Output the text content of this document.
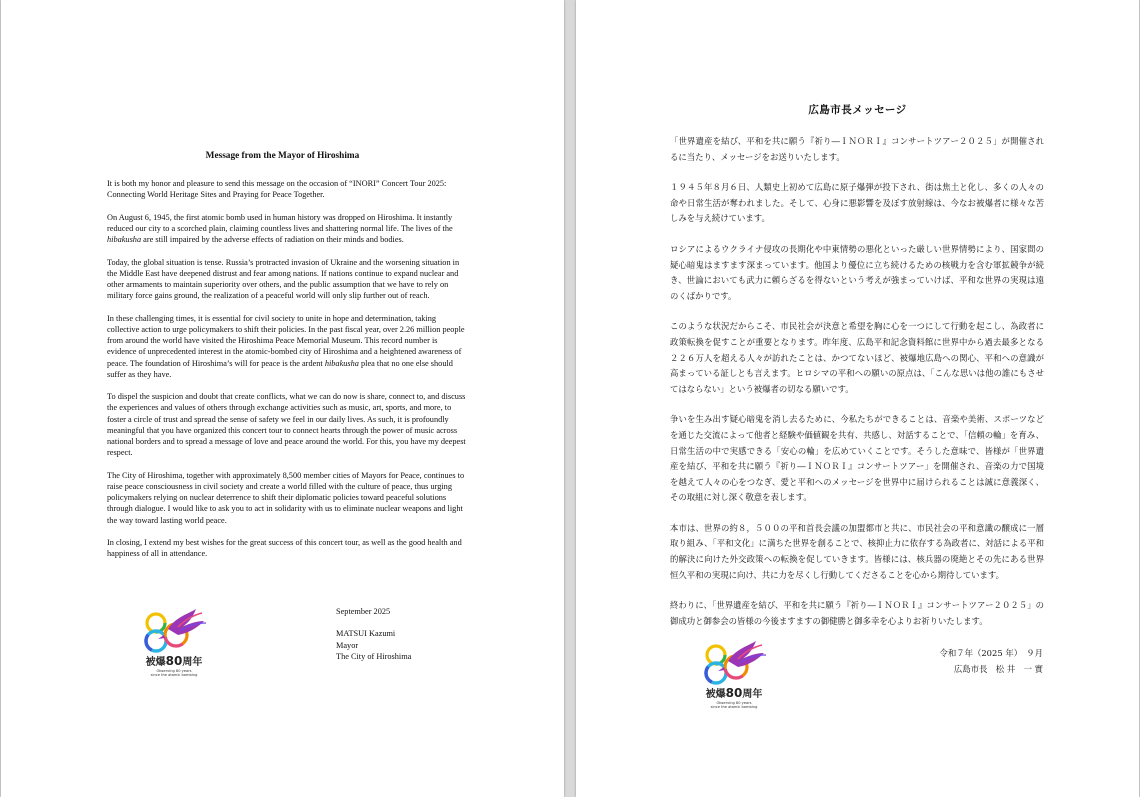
Message from the Mayor of Hiroshima

It is both my honor and pleasure to send this message on the occasion of “INORI” Concert Tour 2025: Connecting World Heritage Sites and Praying for Peace Together.

On August 6, 1945, the first atomic bomb used in human history was dropped on Hiroshima. It instantly reduced our city to a scorched plain, claiming countless lives and shattering normal life. The lives of the hibakusha are still impaired by the adverse effects of radiation on their minds and bodies.

Today, the global situation is tense. Russia’s protracted invasion of Ukraine and the worsening situation in the Middle East have deepened distrust and fear among nations. If nations continue to expand nuclear and other armaments to maintain superiority over others, and the public assumption that we have to rely on military force gains ground, the realization of a peaceful world will only slip further out of reach.

In these challenging times, it is essential for civil society to unite in hope and determination, taking collective action to urge policymakers to shift their policies. In the past fiscal year, over 2.26 million people from around the world have visited the Hiroshima Peace Memorial Museum. This record number is evidence of unprecedented interest in the atomic-bombed city of Hiroshima and a heightened awareness of peace. The foundation of Hiroshima’s will for peace is the ardent hibakusha plea that no one else should suffer as they have.

To dispel the suspicion and doubt that create conflicts, what we can do now is share, connect to, and discuss the experiences and values of others through exchange activities such as music, art, sports, and more, to foster a circle of trust and spread the sense of safety we feel in our daily lives. As such, it is profoundly meaningful that you have organized this concert tour to connect hearts through the power of music across national borders and to spread a message of love and peace around the world. For this, you have my deepest respect.

The City of Hiroshima, together with approximately 8,500 member cities of Mayors for Peace, continues to raise peace consciousness in civil society and create a world filled with the culture of peace, thus urging policymakers relying on nuclear deterrence to shift their diplomatic policies toward peaceful solutions through dialogue. I would like to ask you to act in solidarity with us to eliminate nuclear weapons and light the way toward lasting world peace.

In closing, I extend my best wishes for the great success of this concert tour, as well as the good health and happiness of all in attendance.

September 2025
MATSUI Kazumi
Mayor
The City of Hiroshima
被爆80周年
Observing 80 years
since the atomic bombing
広島市長メッセージ

「世界遺産を結び、平和を共に願う『祈り―ＩＮＯＲＩ』コンサートツアー２０２５」が開催されるに当たり、メッセージをお送りいたします。

１９４５年８月６日、人類史上初めて広島に原子爆弾が投下され、街は焦土と化し、多くの人々の命や日常生活が奪われました。そして、心身に悪影響を及ぼす放射線は、今なお被爆者に様々な苦しみを与え続けています。

ロシアによるウクライナ侵攻の長期化や中東情勢の悪化といった厳しい世界情勢により、国家間の疑心暗鬼はますます深まっています。他国より優位に立ち続けるための核戦力を含む軍拡競争が続き、世論においても武力に頼らざるを得ないという考えが強まっていけば、平和な世界の実現は遠のくばかりです。

このような状況だからこそ、市民社会が決意と希望を胸に心を一つにして行動を起こし、為政者に政策転換を促すことが重要となります。昨年度、広島平和記念資料館に世界中から過去最多となる２２６万人を超える人々が訪れたことは、かつてないほど、被爆地広島への関心、平和への意識が高まっている証しとも言えます。ヒロシマの平和への願いの原点は、「こんな思いは他の誰にもさせてはならない」という被爆者の切なる願いです。

争いを生み出す疑心暗鬼を消し去るために、今私たちができることは、音楽や美術、スポーツなどを通じた交流によって他者と経験や価値観を共有、共感し、対話することで、「信頼の輪」を育み、日常生活の中で実感できる「安心の輪」を広めていくことです。そうした意味で、皆様が「世界遺産を結び、平和を共に願う『祈り―ＩＮＯＲＩ』コンサートツアー」を開催され、音楽の力で国境を越えて人々の心をつなぎ、愛と平和へのメッセージを世界中に届けられることは誠に意義深く、その取組に対し深く敬意を表します。

本市は、世界の約８，５００の平和首長会議の加盟都市と共に、市民社会の平和意識の醸成に一層取り組み、「平和文化」に満ちた世界を創ることで、核抑止力に依存する為政者に、対話による平和的解決に向けた外交政策への転換を促していきます。皆様には、核兵器の廃絶とその先にある世界恒久平和の実現に向け、共に力を尽くし行動してくださることを心から期待しています。

終わりに、「世界遺産を結び、平和を共に願う『祈り―ＩＮＯＲＩ』コンサートツアー２０２５」の御成功と御参会の皆様の今後ますますの御健勝と御多幸を心よりお祈りいたします。

令和７年（2025 年）　９月
広島市長　松 井　一 實
被爆80周年
Observing 80 years
since the atomic bombing
